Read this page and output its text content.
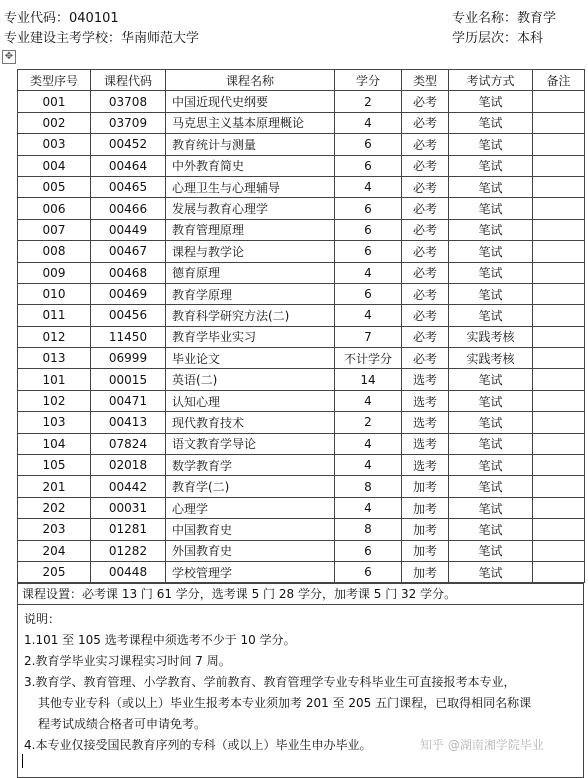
专业代码：040101
专业建设主考学校：华南师范大学
专业名称：教育学
学历层次：本科
✥
类型序号	课程代码	课程名称	学分	类型	考试方式	备注
001	03708	中国近现代史纲要	2	必考	笔试	
002	03709	马克思主义基本原理概论	4	必考	笔试	
003	00452	教育统计与测量	6	必考	笔试	
004	00464	中外教育简史	6	必考	笔试	
005	00465	心理卫生与心理辅导	4	必考	笔试	
006	00466	发展与教育心理学	6	必考	笔试	
007	00449	教育管理原理	6	必考	笔试	
008	00467	课程与教学论	6	必考	笔试	
009	00468	德育原理	4	必考	笔试	
010	00469	教育学原理	6	必考	笔试	
011	00456	教育科学研究方法(二)	4	必考	笔试	
012	11450	教育学毕业实习	7	必考	实践考核	
013	06999	毕业论文	不计学分	必考	实践考核	
101	00015	英语(二)	14	选考	笔试	
102	00471	认知心理	4	选考	笔试	
103	00413	现代教育技术	2	选考	笔试	
104	07824	语文教育学导论	4	选考	笔试	
105	02018	数学教育学	4	选考	笔试	
201	00442	教育学(二)	8	加考	笔试	
202	00031	心理学	4	加考	笔试	
203	01281	中国教育史	8	加考	笔试	
204	01282	外国教育史	6	加考	笔试	
205	00448	学校管理学	6	加考	笔试	
课程设置：必考课 13 门 61 学分，选考课 5 门 28 学分，加考课 5 门 32 学分。
说明：
1.101 至 105 选考课程中须选考不少于 10 学分。
2.教育学毕业实习课程实习时间 7 周。
3.教育学、教育管理、小学教育、学前教育、教育管理学专业专科毕业生可直接报考本专业，
其他专业专科（或以上）毕业生报考本专业须加考 201 至 205 五门课程，已取得相同名称课
程考试成绩合格者可申请免考。
4.本专业仅接受国民教育序列的专科（或以上）毕业生申办毕业。	知乎 @湖南湘学院毕业
